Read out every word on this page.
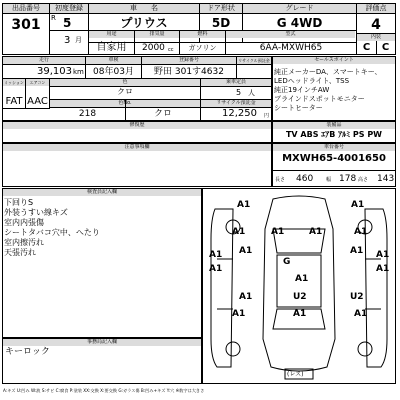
出品番号	初度登録	車　　名	ドア形状	グレード	評価点
301	R 5
3 月
プリウス	5D	G 4WD
用途	排気量	燃料	型式
自家用	2000 cc	ガソリン	6AA-MXWH65
4
内装
C	C
走行	車検	登録番号	リサイクル預託金
39,103 km	08年03月	野田 301す4632
ミッション	エアコン	色	乗車定員
FAT AAC
クロ	5 人
色No.
218	クロ
リサイクル預託金
12,250 円
修復歴
セールスポイント
純正メーカーDA、スマートキー、
LEDヘッドライト、TSS
純正19インチAW
ブラインドスポットモニター
シートヒーター
装備品
TV ABS ｴｱB ｱﾙﾐ PS PW
注意事項欄	車台番号
MXWH65-4001650
長さ 460	幅 178 高さ 143
検査員記入欄
下回りS
外装うすい線キズ
室内内張傷
シートタバコ穴中、へたり
室内擦汚れ
天張汚れ
事務局記入欄
キーロック
(レス)
A1	A1
A1	A1	A1	A1
A1 A1	A1 A1
A1	A1
G
A1
U2
A1	U2
A1	A1	A1
A:キズ U:凹み W:波 S:サビ C:腐食 P:塗装 XX:交換 X:要交換 G:ガラス傷 B:凹み+キズ Y:穴 ※数字は大きさ
